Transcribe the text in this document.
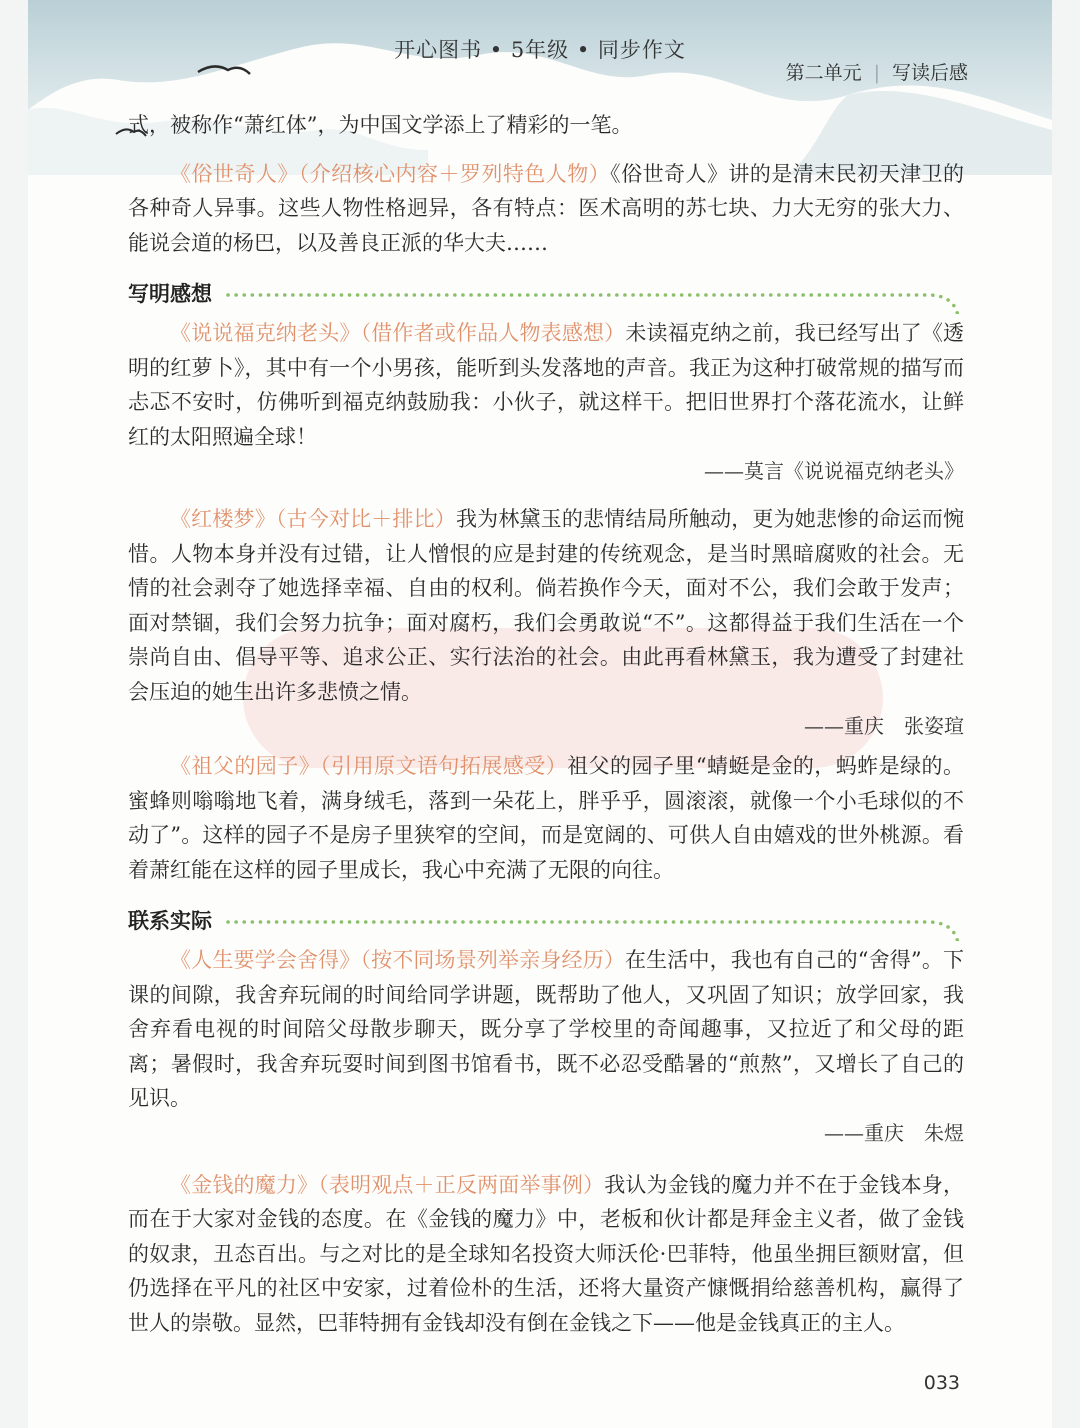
开心图书 • 5年级 • 同步作文
第二单元 | 写读后感

式，被称作“萧红体”，为中国文学添上了精彩的一笔。

《俗世奇人》（介绍核心内容＋罗列特色人物）《俗世奇人》讲的是清末民初天津卫的各种奇人异事。这些人物性格迥异，各有特点：医术高明的苏七块、力大无穷的张大力、能说会道的杨巴，以及善良正派的华大夫……

写明感想

《说说福克纳老头》（借作者或作品人物表感想）未读福克纳之前，我已经写出了《透明的红萝卜》，其中有一个小男孩，能听到头发落地的声音。我正为这种打破常规的描写而忐忑不安时，仿佛听到福克纳鼓励我：小伙子，就这样干。把旧世界打个落花流水，让鲜红的太阳照遍全球！

——莫言《说说福克纳老头》

《红楼梦》（古今对比＋排比）我为林黛玉的悲情结局所触动，更为她悲惨的命运而惋惜。人物本身并没有过错，让人憎恨的应是封建的传统观念，是当时黑暗腐败的社会。无情的社会剥夺了她选择幸福、自由的权利。倘若换作今天，面对不公，我们会敢于发声；面对禁锢，我们会努力抗争；面对腐朽，我们会勇敢说“不”。这都得益于我们生活在一个崇尚自由、倡导平等、追求公正、实行法治的社会。由此再看林黛玉，我为遭受了封建社会压迫的她生出许多悲愤之情。

——重庆　张姿瑄

《祖父的园子》（引用原文语句拓展感受）祖父的园子里“蜻蜓是金的，蚂蚱是绿的。蜜蜂则嗡嗡地飞着，满身绒毛，落到一朵花上，胖乎乎，圆滚滚，就像一个小毛球似的不动了”。这样的园子不是房子里狭窄的空间，而是宽阔的、可供人自由嬉戏的世外桃源。看着萧红能在这样的园子里成长，我心中充满了无限的向往。

联系实际

《人生要学会舍得》（按不同场景列举亲身经历）在生活中，我也有自己的“舍得”。下课的间隙，我舍弃玩闹的时间给同学讲题，既帮助了他人，又巩固了知识；放学回家，我舍弃看电视的时间陪父母散步聊天，既分享了学校里的奇闻趣事，又拉近了和父母的距离；暑假时，我舍弃玩耍时间到图书馆看书，既不必忍受酷暑的“煎熬”，又增长了自己的见识。

——重庆　朱煜

《金钱的魔力》（表明观点＋正反两面举事例）我认为金钱的魔力并不在于金钱本身，而在于大家对金钱的态度。在《金钱的魔力》中，老板和伙计都是拜金主义者，做了金钱的奴隶，丑态百出。与之对比的是全球知名投资大师沃伦·巴菲特，他虽坐拥巨额财富，但仍选择在平凡的社区中安家，过着俭朴的生活，还将大量资产慷慨捐给慈善机构，赢得了世人的崇敬。显然，巴菲特拥有金钱却没有倒在金钱之下——他是金钱真正的主人。

033
